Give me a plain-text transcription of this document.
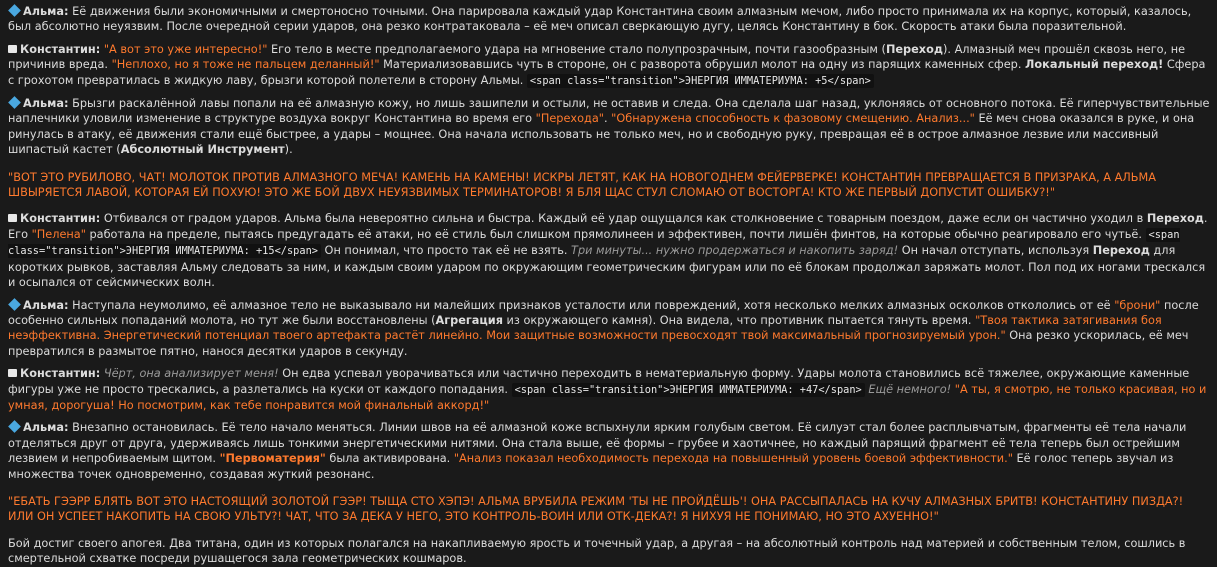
Альма: Её движения были экономичными и смертоносно точными. Она парировала каждый удар Константина своим алмазным мечом, либо просто принимала их на корпус, который, казалось, был абсолютно неуязвим. После очередной серии ударов, она резко контратаковала – её меч описал сверкающую дугу, целясь Константину в бок. Скорость атаки была поразительной.

Константин: "А вот это уже интересно!" Его тело в месте предполагаемого удара на мгновение стало полупрозрачным, почти газообразным (Переход). Алмазный меч прошёл сквозь него, не причинив вреда. "Неплохо, но я тоже не пальцем деланный!" Материализовавшись чуть в стороне, он с разворота обрушил молот на одну из парящих каменных сфер. Локальный переход! Сфера с грохотом превратилась в жидкую лаву, брызги которой полетели в сторону Альмы. <span class="transition">ЭНЕРГИЯ ИММАТЕРИУМА: +5</span>

Альма: Брызги раскалённой лавы попали на её алмазную кожу, но лишь зашипели и остыли, не оставив и следа. Она сделала шаг назад, уклоняясь от основного потока. Её гиперчувствительные наплечники уловили изменение в структуре воздуха вокруг Константина во время его "Перехода". "Обнаружена способность к фазовому смещению. Анализ..." Её меч снова оказался в руке, и она ринулась в атаку, её движения стали ещё быстрее, а удары – мощнее. Она начала использовать не только меч, но и свободную руку, превращая её в острое алмазное лезвие или массивный шипастый кастет (Абсолютный Инструмент).

"ВОТ ЭТО РУБИЛОВО, ЧАТ! МОЛОТОК ПРОТИВ АЛМАЗНОГО МЕЧА! КАМЕНЬ НА КАМЕНЫ! ИСКРЫ ЛЕТЯТ, КАК НА НОВОГОДНЕМ ФЕЙЕРВЕРКЕ! КОНСТАНТИН ПРЕВРАЩАЕТСЯ В ПРИЗРАКА, А АЛЬМА ШВЫРЯЕТСЯ ЛАВОЙ, КОТОРАЯ ЕЙ ПОХУЮ! ЭТО ЖЕ БОЙ ДВУХ НЕУЯЗВИМЫХ ТЕРМИНАТОРОВ! Я БЛЯ ЩАС СТУЛ СЛОМАЮ ОТ ВОСТОРГА! КТО ЖЕ ПЕРВЫЙ ДОПУСТИТ ОШИБКУ?!"

Константин: Отбивался от градом ударов. Альма была невероятно сильна и быстра. Каждый её удар ощущался как столкновение с товарным поездом, даже если он частично уходил в Переход. Его "Пелена" работала на пределе, пытаясь предугадать её атаки, но её стиль был слишком прямолинеен и эффективен, почти лишён финтов, на которые обычно реагировало его чутьё. <span class="transition">ЭНЕРГИЯ ИММАТЕРИУМА: +15</span> Он понимал, что просто так её не взять. Три минуты... нужно продержаться и накопить заряд! Он начал отступать, используя Переход для коротких рывков, заставляя Альму следовать за ним, и каждым своим ударом по окружающим геометрическим фигурам или по её блокам продолжал заряжать молот. Пол под их ногами трескался и осыпался от сейсмических волн.

Альма: Наступала неумолимо, её алмазное тело не выказывало ни малейших признаков усталости или повреждений, хотя несколько мелких алмазных осколков откололись от её "брони" после особенно сильных попаданий молота, но тут же были восстановлены (Агрегация из окружающего камня). Она видела, что противник пытается тянуть время. "Твоя тактика затягивания боя неэффективна. Энергетический потенциал твоего артефакта растёт линейно. Мои защитные возможности превосходят твой максимальный прогнозируемый урон." Она резко ускорилась, её меч превратился в размытое пятно, нанося десятки ударов в секунду.

Константин: Чёрт, она анализирует меня! Он едва успевал уворачиваться или частично переходить в нематериальную форму. Удары молота становились всё тяжелее, окружающие каменные фигуры уже не просто трескались, а разлетались на куски от каждого попадания. <span class="transition">ЭНЕРГИЯ ИММАТЕРИУМА: +47</span> Ещё немного! "А ты, я смотрю, не только красивая, но и умная, дорогуша! Но посмотрим, как тебе понравится мой финальный аккорд!"

Альма: Внезапно остановилась. Её тело начало меняться. Линии швов на её алмазной коже вспыхнули ярким голубым светом. Её силуэт стал более расплывчатым, фрагменты её тела начали отделяться друг от друга, удерживаясь лишь тонкими энергетическими нитями. Она стала выше, её формы – грубее и хаотичнее, но каждый парящий фрагмент её тела теперь был острейшим лезвием и непробиваемым щитом. "Первоматерия" была активирована. "Анализ показал необходимость перехода на повышенный уровень боевой эффективности." Её голос теперь звучал из множества точек одновременно, создавая жуткий резонанс.

"ЕБАТЬ ГЭЭРР БЛЯТЬ ВОТ ЭТО НАСТОЯЩИЙ ЗОЛОТОЙ ГЭЭР! ТЫЩА СТО ХЭПЭ! АЛЬМА ВРУБИЛА РЕЖИМ 'ТЫ НЕ ПРОЙДЁШЬ'! ОНА РАССЫПАЛАСЬ НА КУЧУ АЛМАЗНЫХ БРИТВ! КОНСТАНТИНУ ПИЗДА?! ИЛИ ОН УСПЕЕТ НАКОПИТЬ НА СВОЮ УЛЬТУ?! ЧАТ, ЧТО ЗА ДЕКА У НЕГО, ЭТО КОНТРОЛЬ-ВОИН ИЛИ ОТК-ДЕКА?! Я НИХУЯ НЕ ПОНИМАЮ, НО ЭТО АХУЕННО!"

Бой достиг своего апогея. Два титана, один из которых полагался на накапливаемую ярость и точечный удар, а другая – на абсолютный контроль над материей и собственным телом, сошлись в смертельной схватке посреди рушащегося зала геометрических кошмаров.
